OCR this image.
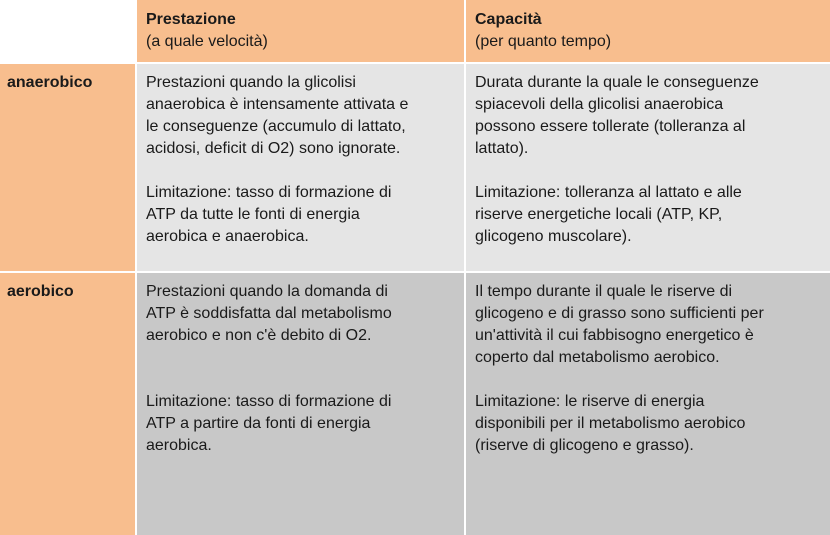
Prestazione
(a quale velocità)
Capacità
(per quanto tempo)
anaerobico	Prestazioni quando la glicolisi
anaerobica è intensamente attivata e
le conseguenze (accumulo di lattato,
acidosi, deficit di O2) sono ignorate.
Limitazione: tasso di formazione di
ATP da tutte le fonti di energia
aerobica e anaerobica.
Durata durante la quale le conseguenze
spiacevoli della glicolisi anaerobica
possono essere tollerate (tolleranza al
lattato).
Limitazione: tolleranza al lattato e alle
riserve energetiche locali (ATP, KP,
glicogeno muscolare).
aerobico	Prestazioni quando la domanda di
ATP è soddisfatta dal metabolismo
aerobico e non c'è debito di O2.
Limitazione: tasso di formazione di
ATP a partire da fonti di energia
aerobica.
Il tempo durante il quale le riserve di
glicogeno e di grasso sono sufficienti per
un'attività il cui fabbisogno energetico è
coperto dal metabolismo aerobico.
Limitazione: le riserve di energia
disponibili per il metabolismo aerobico
(riserve di glicogeno e grasso).
